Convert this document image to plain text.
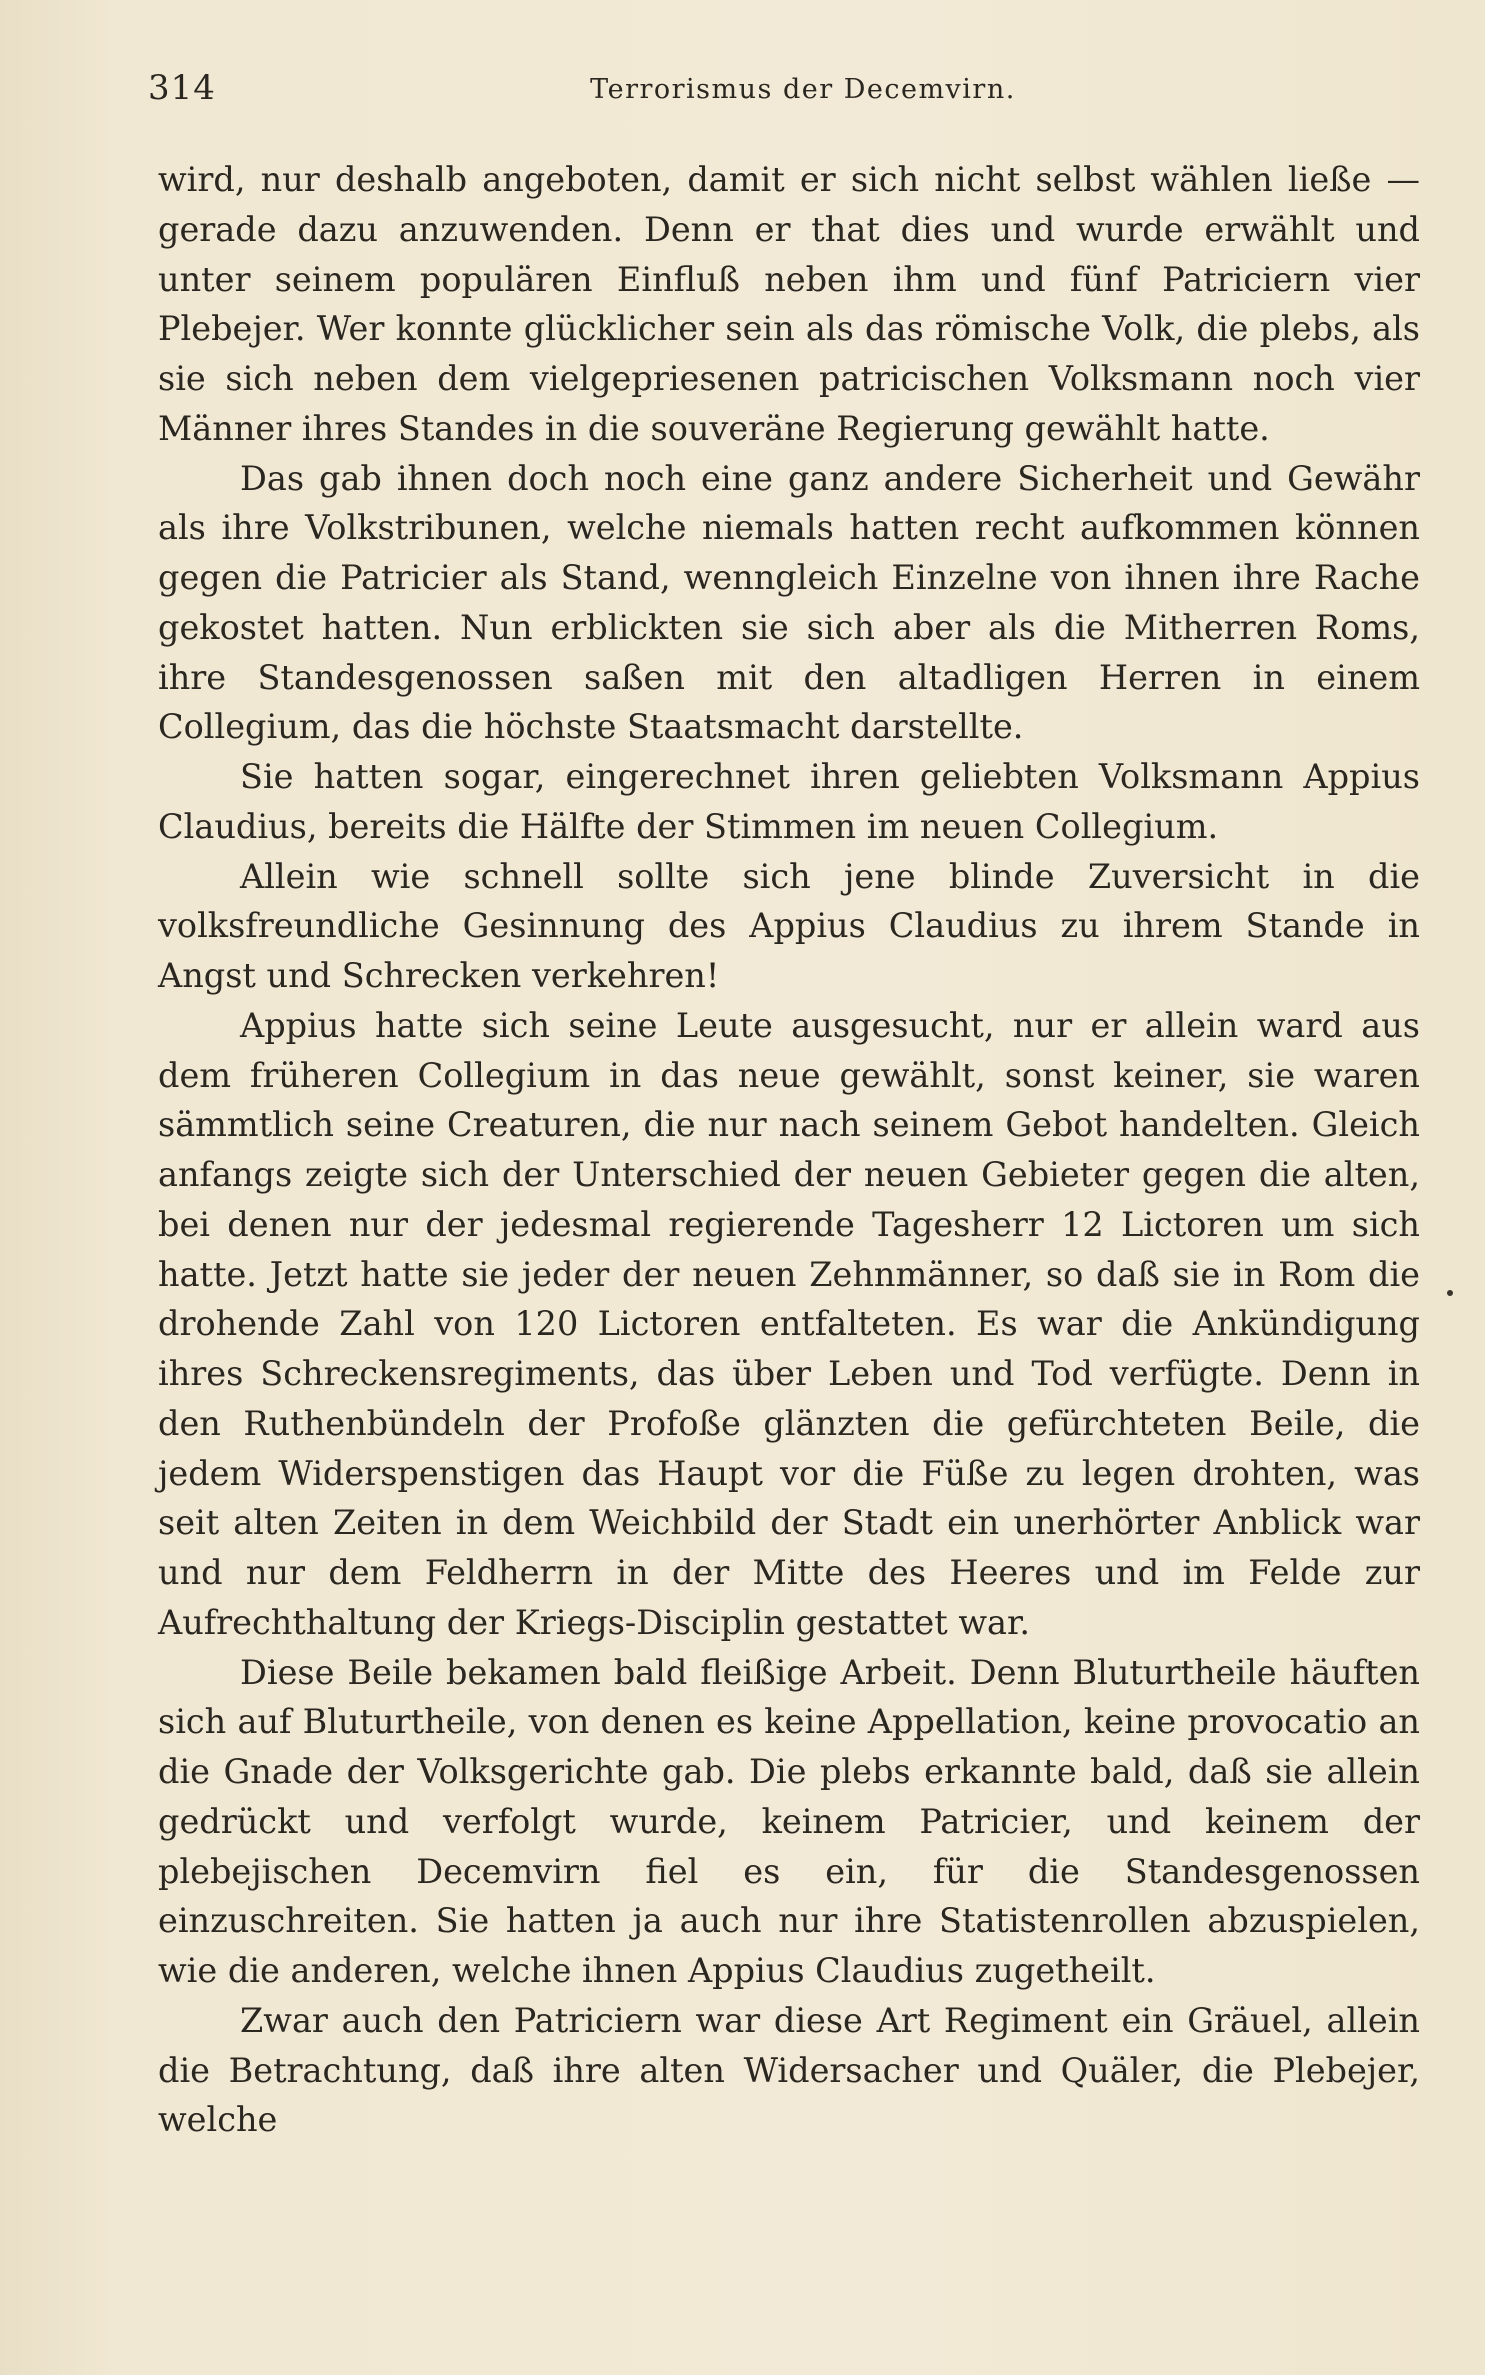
314	Terrorismus der Decemvirn.

wird, nur deshalb angeboten, damit er sich nicht selbst wählen ließe — gerade dazu anzuwenden. Denn er that dies und wurde erwählt und unter seinem populären Einfluß neben ihm und fünf Patriciern vier Plebejer. Wer konnte glücklicher sein als das römische Volk, die plebs, als sie sich neben dem vielgepriesenen patricischen Volksmann noch vier Männer ihres Standes in die souveräne Regierung gewählt hatte.

Das gab ihnen doch noch eine ganz andere Sicherheit und Gewähr als ihre Volkstribunen, welche niemals hatten recht aufkommen können gegen die Patricier als Stand, wenngleich Einzelne von ihnen ihre Rache gekostet hatten. Nun erblickten sie sich aber als die Mitherren Roms, ihre Standesgenossen saßen mit den altadligen Herren in einem Collegium, das die höchste Staatsmacht darstellte.

Sie hatten sogar, eingerechnet ihren geliebten Volksmann Appius Claudius, bereits die Hälfte der Stimmen im neuen Collegium.

Allein wie schnell sollte sich jene blinde Zuversicht in die volksfreundliche Gesinnung des Appius Claudius zu ihrem Stande in Angst und Schrecken verkehren!

Appius hatte sich seine Leute ausgesucht, nur er allein ward aus dem früheren Collegium in das neue gewählt, sonst keiner, sie waren sämmtlich seine Creaturen, die nur nach seinem Gebot handelten. Gleich anfangs zeigte sich der Unterschied der neuen Gebieter gegen die alten, bei denen nur der jedesmal regierende Tagesherr 12 Lictoren um sich hatte. Jetzt hatte sie jeder der neuen Zehnmänner, so daß sie in Rom die drohende Zahl von 120 Lictoren entfalteten. Es war die Ankündigung ihres Schreckensregiments, das über Leben und Tod verfügte. Denn in den Ruthenbündeln der Profoße glänzten die gefürchteten Beile, die jedem Widerspenstigen das Haupt vor die Füße zu legen drohten, was seit alten Zeiten in dem Weichbild der Stadt ein unerhörter Anblick war und nur dem Feldherrn in der Mitte des Heeres und im Felde zur Aufrechthaltung der Kriegs-Disciplin gestattet war.

Diese Beile bekamen bald fleißige Arbeit. Denn Bluturtheile häuften sich auf Bluturtheile, von denen es keine Appellation, keine provocatio an die Gnade der Volksgerichte gab. Die plebs erkannte bald, daß sie allein gedrückt und verfolgt wurde, keinem Patricier, und keinem der plebejischen Decemvirn fiel es ein, für die Standesgenossen einzuschreiten. Sie hatten ja auch nur ihre Statistenrollen abzuspielen, wie die anderen, welche ihnen Appius Claudius zugetheilt.

Zwar auch den Patriciern war diese Art Regiment ein Gräuel, allein die Betrachtung, daß ihre alten Widersacher und Quäler, die Plebejer, welche
